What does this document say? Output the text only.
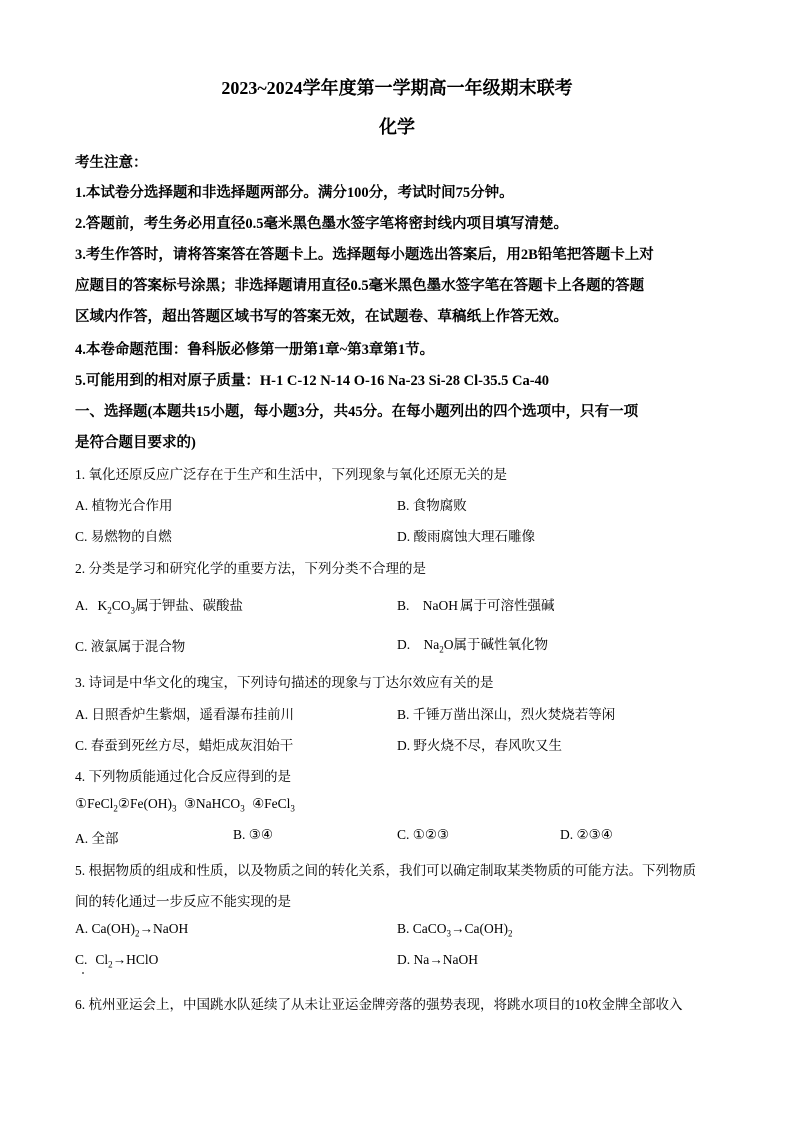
2023~2024学年度第一学期高一年级期末联考
化学
考生注意：
1.本试卷分选择题和非选择题两部分。满分100分，考试时间75分钟。
2.答题前，考生务必用直径0.5毫米黑色墨水签字笔将密封线内项目填写清楚。
3.考生作答时，请将答案答在答题卡上。选择题每小题选出答案后，用2B铅笔把答题卡上对
应题目的答案标号涂黑；非选择题请用直径0.5毫米黑色墨水签字笔在答题卡上各题的答题
区域内作答，超出答题区域书写的答案无效，在试题卷、草稿纸上作答无效。
4.本卷命题范围：鲁科版必修第一册第1章~第3章第1节。
5.可能用到的相对原子质量：H-1 C-12 N-14 O-16 Na-23 Si-28 Cl-35.5 Ca-40
一、选择题(本题共15小题，每小题3分，共45分。在每小题列出的四个选项中，只有一项
是符合题目要求的)
1. 氧化还原反应广泛存在于生产和生活中，下列现象与氧化还原无关的是
A. 植物光合作用	B. 食物腐败
C. 易燃物的自燃	D. 酸雨腐蚀大理石雕像
2. 分类是学习和研究化学的重要方法，下列分类不合理的是
A. $K_2CO_3$属于钾盐、碳酸盐	B. NaOH 属于可溶性强碱
C. 液氯属于混合物	D. $Na_2O$属于碱性氧化物
3. 诗词是中华文化的瑰宝，下列诗句描述的现象与丁达尔效应有关的是
A. 日照香炉生紫烟，遥看瀑布挂前川	B. 千锤万凿出深山，烈火焚烧若等闲
C. 春蚕到死丝方尽，蜡炬成灰泪始干	D. 野火烧不尽，春风吹又生
4. 下列物质能通过化合反应得到的是
$①FeCl_2②Fe(OH)_3$ ③NaHCO$_3$ ④FeCl$_3$
A. 全部	B. ③④	C. ①②③	D. ②③④
5. 根据物质的组成和性质，以及物质之间的转化关系，我们可以确定制取某类物质的可能方法。下列物质
间的转化通过一步反应不能实现的是
A. $Ca(OH)_2\to NaOH$	B. $CaCO_3\to Ca(OH)_2$
C. $Cl_2\to HClO$	D. Na→NaOH
6. 杭州亚运会上，中国跳水队延续了从未让亚运金牌旁落的强势表现，将跳水项目的10枚金牌全部收入
